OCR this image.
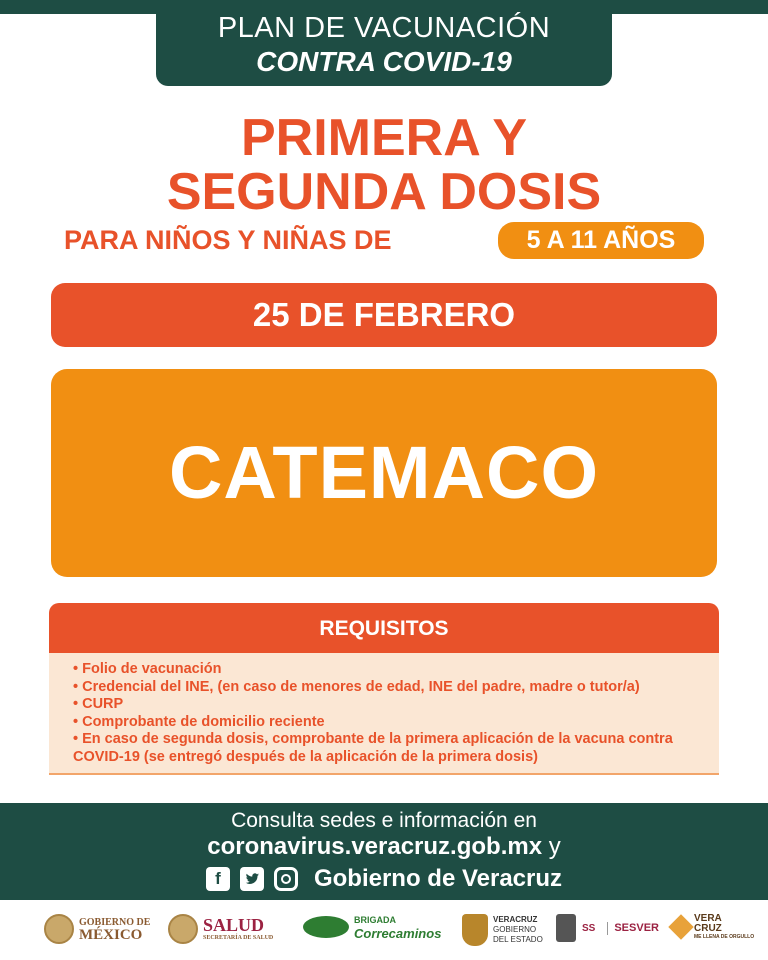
PLAN DE VACUNACIÓN
CONTRA COVID-19
PRIMERA Y
SEGUNDA DOSIS
PARA NIÑOS Y NIÑAS DE	5 A 11 AÑOS
25 DE FEBRERO
CATEMACO
REQUISITOS
• Folio de vacunación
• Credencial del INE, (en caso de menores de edad, INE del padre, madre o tutor/a)
• CURP
• Comprobante de domicilio reciente
• En caso de segunda dosis, comprobante de la primera aplicación de la vacuna contra COVID-19 (se entregó después de la aplicación de la primera dosis)
Consulta sedes e información en
coronavirus.veracruz.gob.mx y
f	Gobierno de Veracruz
GOBIERNO DE
MÉXICO	SALUD
SECRETARÍA DE SALUD
BRIGADA
Correcaminos
VERACRUZ
GOBIERNO
DEL ESTADO
SS	SESVER
VERA
CRUZ
ME LLENA DE ORGULLO
